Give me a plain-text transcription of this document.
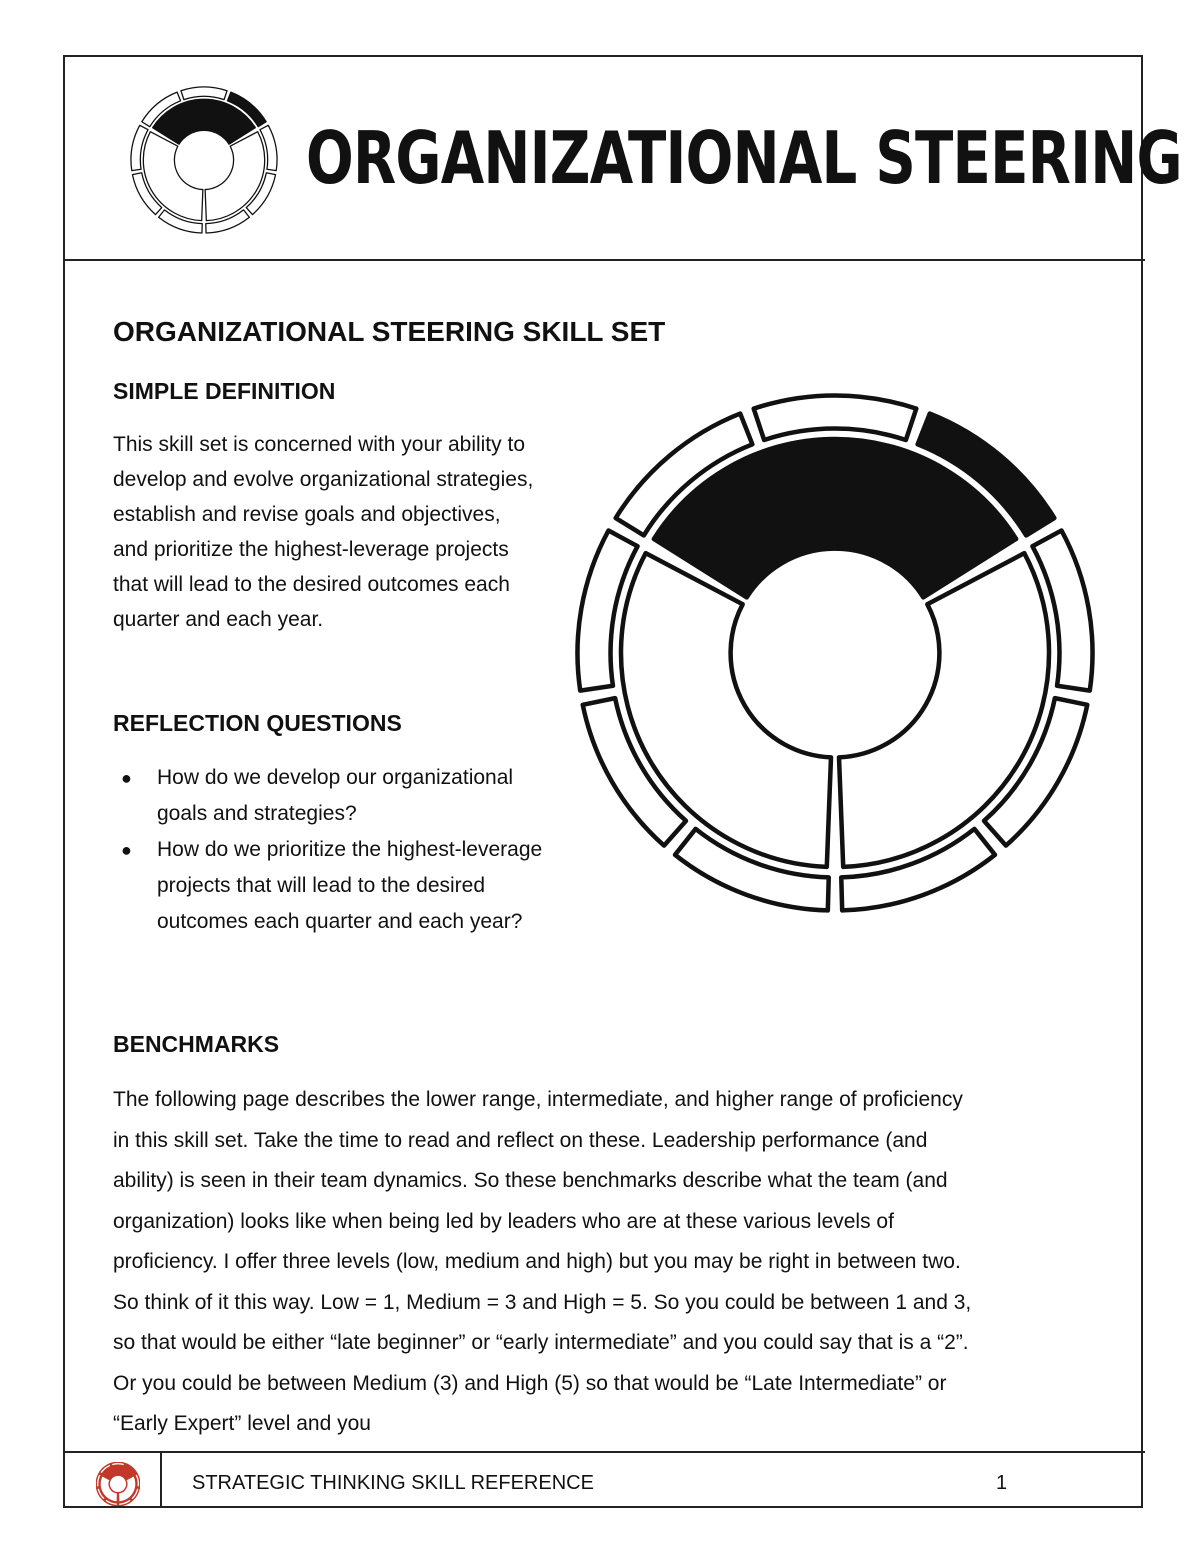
ORGANIZATIONAL STEERING
ORGANIZATIONAL STEERING SKILL SET
SIMPLE DEFINITION
This skill set is concerned with your ability to
develop and evolve organizational strategies,
establish and revise goals and objectives,
and prioritize the highest-leverage projects
that will lead to the desired outcomes each
quarter and each year.
REFLECTION QUESTIONS
● How do we develop our organizational goals and strategies?
● How do we prioritize the highest-leverage projects that will lead to the desired outcomes each quarter and each year?
BENCHMARKS

The following page describes the lower range, intermediate, and higher range of proficiency in this skill set. Take the time to read and reflect on these. Leadership performance (and ability) is seen in their team dynamics. So these benchmarks describe what the team (and organization) looks like when being led by leaders who are at these various levels of proficiency. I offer three levels (low, medium and high) but you may be right in between two. So think of it this way. Low = 1, Medium = 3 and High = 5. So you could be between 1 and 3, so that would be either “late beginner” or “early intermediate” and you could say that is a “2”. Or you could be between Medium (3) and High (5) so that would be “Late Intermediate” or “Early Expert” level and you

STRATEGIC THINKING SKILL REFERENCE	1
